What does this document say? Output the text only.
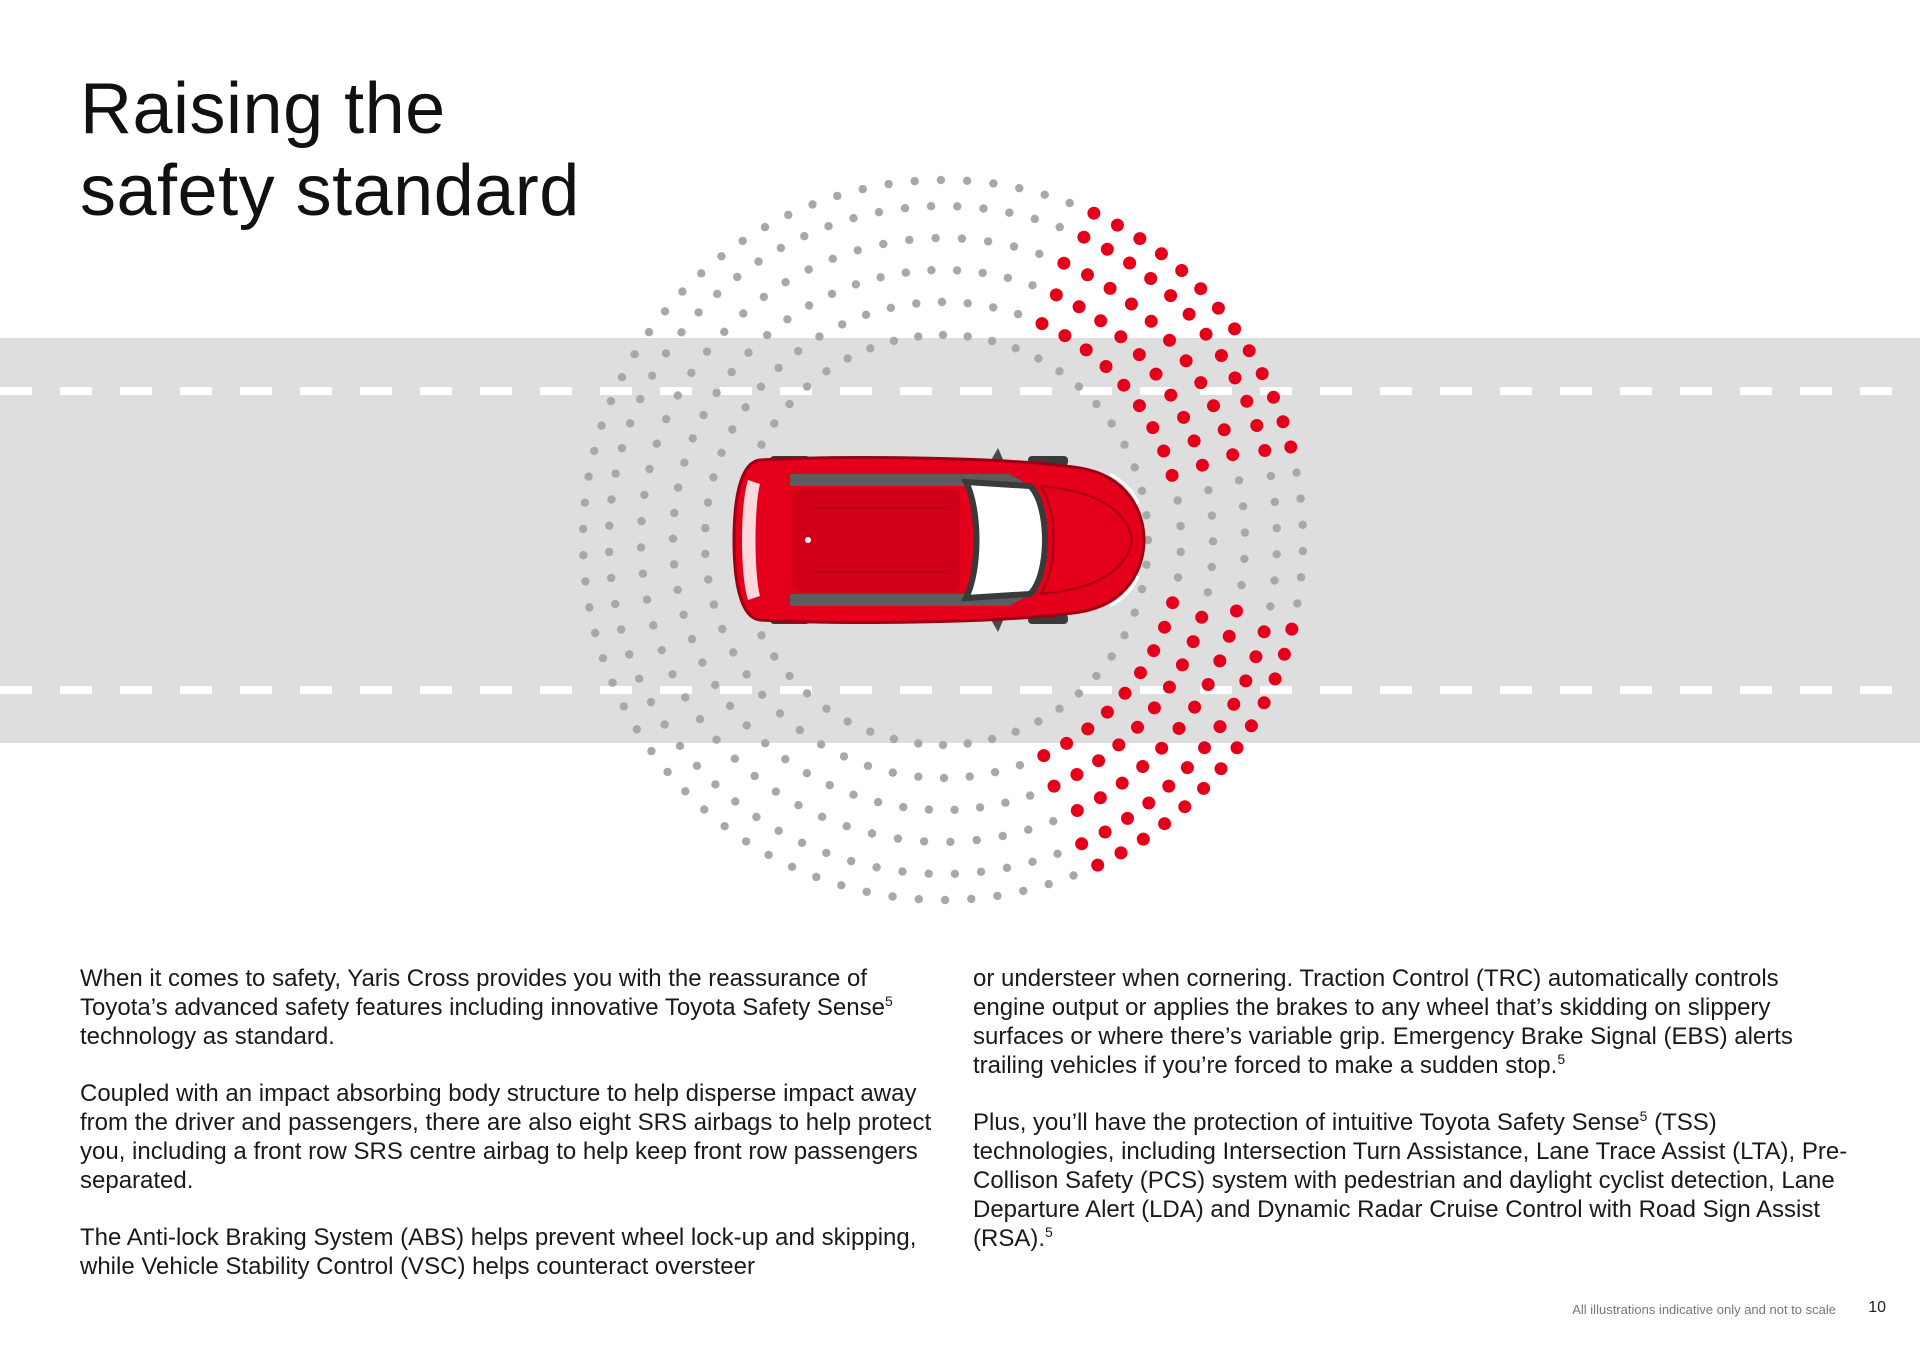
Raising the
safety standard

When it comes to safety, Yaris Cross provides you with the reassurance of Toyota’s advanced safety features including innovative Toyota Safety Sense$^5$ technology as standard.

Coupled with an impact absorbing body structure to help disperse impact away from the driver and passengers, there are also eight SRS airbags to help protect you, including a front row SRS centre airbag to help keep front row passengers separated.

The Anti-lock Braking System (ABS) helps prevent wheel lock-up and skipping, while Vehicle Stability Control (VSC) helps counteract oversteer

or understeer when cornering. Traction Control (TRC) automatically controls engine output or applies the brakes to any wheel that’s skidding on slippery surfaces or where there’s variable grip. Emergency Brake Signal (EBS) alerts trailing vehicles if you’re forced to make a sudden stop.$^5$

Plus, you’ll have the protection of intuitive Toyota Safety Sense$^5$ (TSS) technologies, including Intersection Turn Assistance, Lane Trace Assist (LTA), Pre-Collison Safety (PCS) system with pedestrian and daylight cyclist detection, Lane Departure Alert (LDA) and Dynamic Radar Cruise Control with Road Sign Assist (RSA).$^5$

All illustrations indicative only and not to scale 10
